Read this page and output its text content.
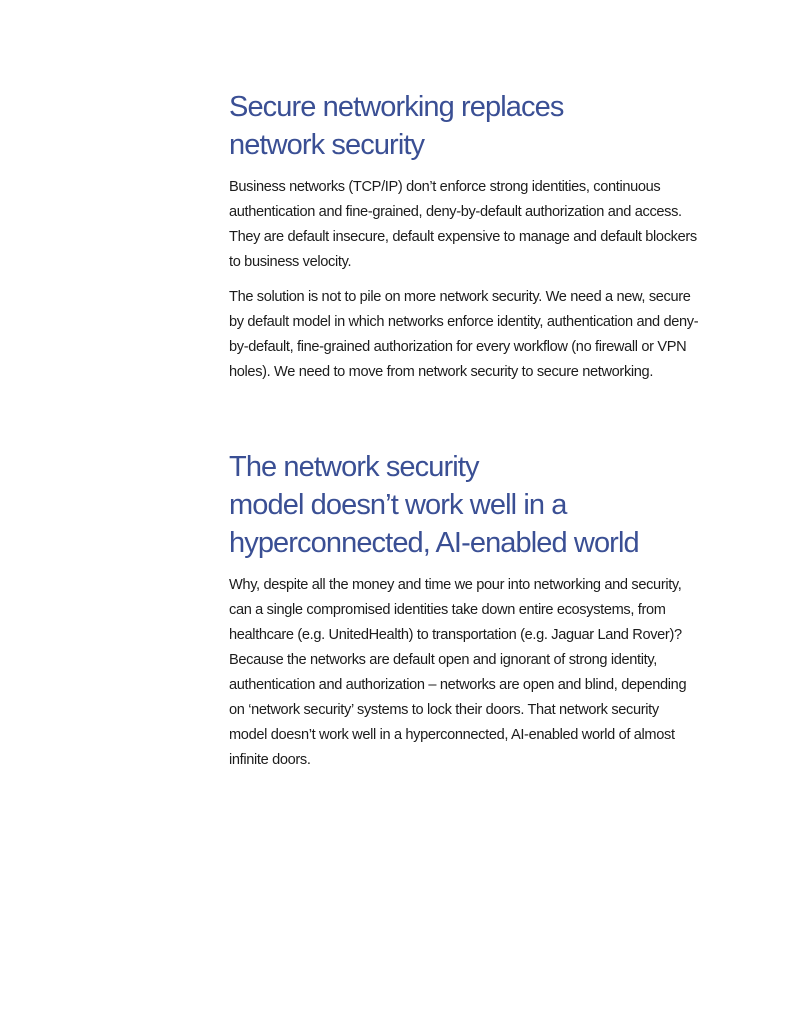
Secure networking replaces
network security

Business networks (TCP/IP) don’t enforce strong identities, continuous
authentication and fine-grained, deny-by-default authorization and access.
They are default insecure, default expensive to manage and default blockers
to business velocity.

The solution is not to pile on more network security. We need a new, secure
by default model in which networks enforce identity, authentication and deny-
by-default, fine-grained authorization for every workflow (no firewall or VPN
holes). We need to move from network security to secure networking.

The network security
model doesn’t work well in a
hyperconnected, AI-enabled world

Why, despite all the money and time we pour into networking and security,
can a single compromised identities take down entire ecosystems, from
healthcare (e.g. UnitedHealth) to transportation (e.g. Jaguar Land Rover)?
Because the networks are default open and ignorant of strong identity,
authentication and authorization – networks are open and blind, depending
on ‘network security’ systems to lock their doors. That network security
model doesn’t work well in a hyperconnected, AI-enabled world of almost
infinite doors.
